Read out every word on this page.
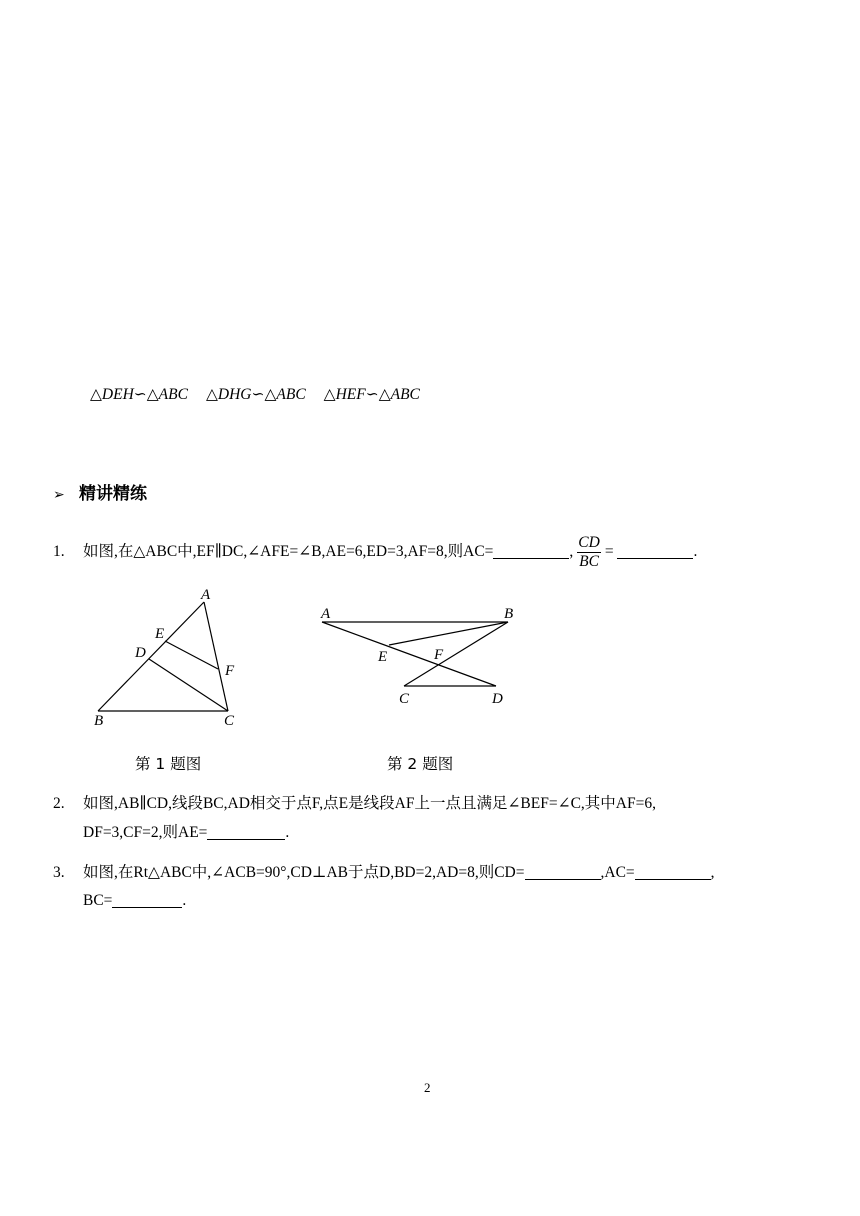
△DEH∽△ABC △DHG∽△ABC △HEF∽△ABC
➢ 精讲精练
1. 如图,在△ABC中,EF∥DC,∠AFE=∠B,AE=6,ED=3,AF=8,则AC=	, $\frac{CD}{BC}$ =	.
A
E
D
F
B	C
A	B
E	F
C	D
第 1 题图	第 2 题图
2. 如图,AB∥CD,线段BC,AD相交于点F,点E是线段AF上一点且满足∠BEF=∠C,其中AF=6,
DF=3,CF=2,则AE=	.
3. 如图,在Rt△ABC中,∠ACB=90°,CD⊥AB于点D,BD=2,AD=8,则CD=	,AC=	,
BC=	.
2
